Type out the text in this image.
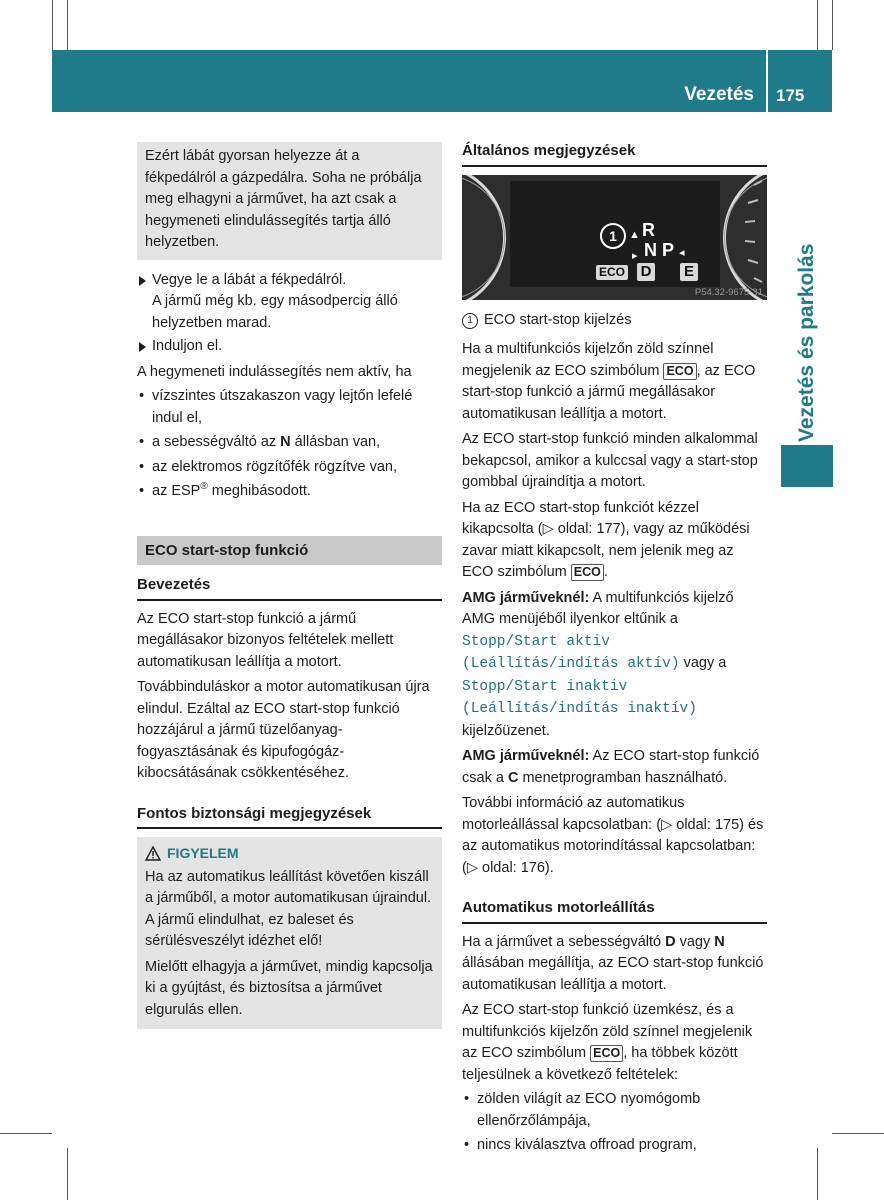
Vezetés 175
Vezetés és parkolás

Ezért lábát gyorsan helyezze át a fékpedálról a gázpedálra. Soha ne próbálja meg elhagyni a járművet, ha azt csak a hegymeneti elindulássegítés tartja álló helyzetben.

Vegye le a lábát a fékpedálról.

A jármű még kb. egy másodpercig álló helyzetben marad.

Induljon el.

A hegymeneti indulássegítés nem aktív, ha

• vízszintes útszakaszon vagy lejtőn lefelé indul el,
• a sebességváltó az N állásban van,
• az elektromos rögzítőfék rögzítve van,
• az ESP® meghibásodott.
ECO start-stop funkció
Bevezetés

Az ECO start-stop funkció a jármű megállásakor bizonyos feltételek mellett automatikusan leállítja a motort.

Továbbinduláskor a motor automatikusan újra elindul. Ezáltal az ECO start-stop funkció hozzájárul a jármű tüzelőanyag-fogyasztásának és kipufogógáz-kibocsátásának csökkentéséhez.

Fontos biztonsági megjegyzések
FIGYELEM

Ha az automatikus leállítást követően kiszáll a járműből, a motor automatikusan újraindul. A jármű elindulhat, ez baleset és sérülésveszélyt idézhet elő!

Mielőtt elhagyja a járművet, mindig kapcsolja ki a gyújtást, és biztosítsa a járművet elgurulás ellen.

Általános megjegyzések
1	▲ R
▸ N P ◂
ECO D E
P54.32-9675-31
1 ECO start-stop kijelzés

Ha a multifunkciós kijelzőn zöld színnel megjelenik az ECO szimbólum ECO , az ECO start-stop funkció a jármű megállásakor automatikusan leállítja a motort.

Az ECO start-stop funkció minden alkalommal bekapcsol, amikor a kulccsal vagy a start-stop gombbal újraindítja a motort.

Ha az ECO start-stop funkciót kézzel kikapcsolta (▷ oldal: 177), vagy az működési zavar miatt kikapcsolt, nem jelenik meg az ECO szimbólum ECO .

AMG járműveknél: A multifunkciós kijelző AMG menüjéből ilyenkor eltűnik a Stopp/Start aktiv (Leállítás/indítás aktív) vagy a Stopp/Start inaktiv (Leállítás/indítás inaktív) kijelzőüzenet.

AMG járműveknél: Az ECO start-stop funkció csak a C menetprogramban használható.

További információ az automatikus motorleállással kapcsolatban: (▷ oldal: 175) és az automatikus motorindítással kapcsolatban: (▷ oldal: 176).

Automatikus motorleállítás

Ha a járművet a sebességváltó D vagy N állásában megállítja, az ECO start-stop funkció automatikusan leállítja a motort.

Az ECO start-stop funkció üzemkész, és a multifunkciós kijelzőn zöld színnel megjelenik az ECO szimbólum ECO , ha többek között teljesülnek a következő feltételek:

• zölden világít az ECO nyomógomb ellenőrzőlámpája,
• nincs kiválasztva offroad program,
